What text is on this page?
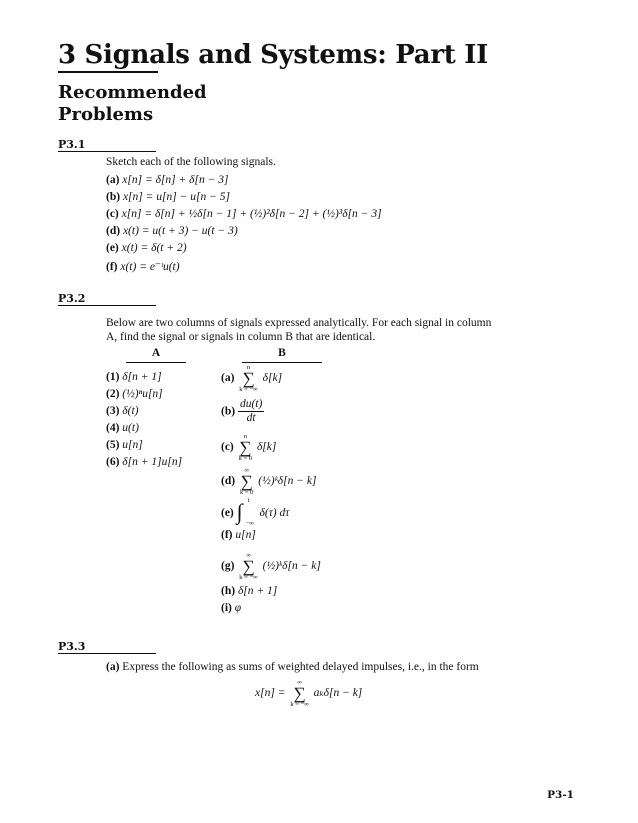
3 Signals and Systems: Part II
Recommended
Problems
P3.1
Sketch each of the following signals.
(a) x[n] = δ[n] + δ[n − 3]
(b) x[n] = u[n] − u[n − 5]
(c) x[n] = δ[n] + ½δ[n − 1] + (½)²δ[n − 2] + (½)³δ[n − 3]
(d) x(t) = u(t + 3) − u(t − 3)
(e) x(t) = δ(t + 2)
(f) x(t) = e⁻ᵗu(t)
P3.2
Below are two columns of signals expressed analytically. For each signal in column
A, find the signal or signals in column B that are identical.
A	B
(1) δ[n + 1]
(2) (½)ⁿu[n]
(3) δ(t)
(4) u(t)
(5) u[n]
(6) δ[n + 1]u[n]
(a)
n
∑
k = −∞
δ[k]
$(b) \frac{du(t)}{dt}$
(c)
n
∑
k = 0
δ[k]
(d)
∞
∑
k = 0
(½)ᵏδ[n − k]
(e) ∫ t
−∞
δ(τ) dτ
(f) u[n]
(g)
∞
∑
k = −∞
(½)ᵏδ[n − k]
(h) δ[n + 1]
(i) φ
P3.3
(a) Express the following as sums of weighted delayed impulses, i.e., in the form
x[n] =
∞
∑
k = −∞
aₖδ[n − k]
P3-1
